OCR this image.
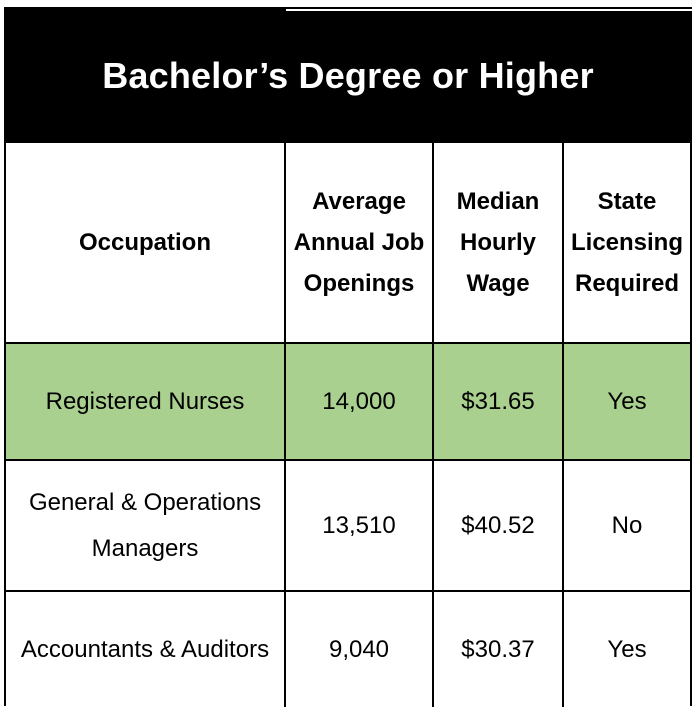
Bachelor’s Degree or Higher
Occupation	Average Annual Job Openings	Median Hourly Wage	State Licensing Required
Registered Nurses	14,000	$31.65	Yes
General & Operations Managers	13,510	$40.52	No
Accountants & Auditors	9,040	$30.37	Yes
